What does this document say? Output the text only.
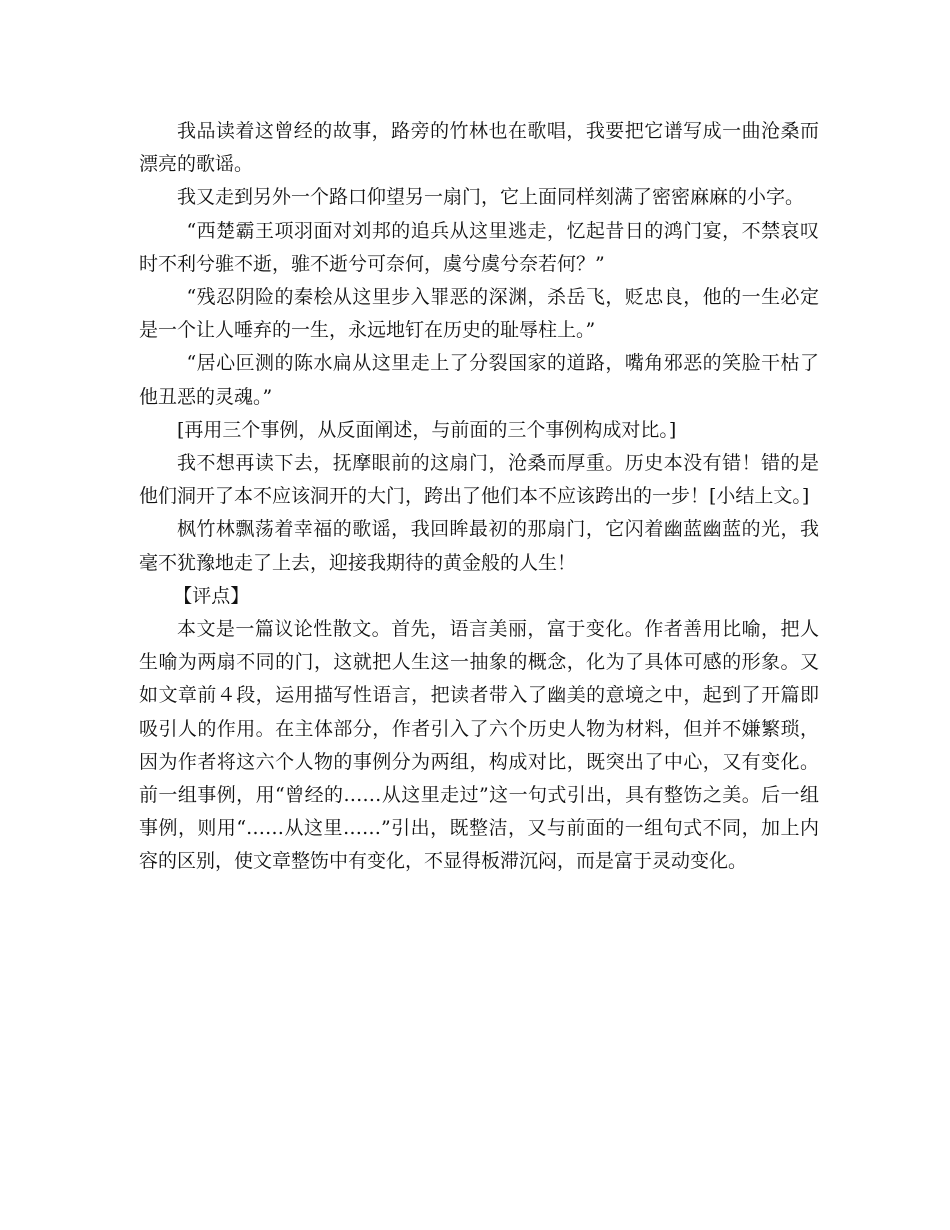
我品读着这曾经的故事，路旁的竹林也在歌唱，我要把它谱写成一曲沧桑而漂亮的歌谣。

我又走到另外一个路口仰望另一扇门，它上面同样刻满了密密麻麻的小字。

“西楚霸王项羽面对刘邦的追兵从这里逃走，忆起昔日的鸿门宴，不禁哀叹时不利兮骓不逝，骓不逝兮可奈何，虞兮虞兮奈若何？”

“残忍阴险的秦桧从这里步入罪恶的深渊，杀岳飞，贬忠良，他的一生必定是一个让人唾弃的一生，永远地钉在历史的耻辱柱上。”

“居心叵测的陈水扁从这里走上了分裂国家的道路，嘴角邪恶的笑脸干枯了他丑恶的灵魂。”

[再用三个事例，从反面阐述，与前面的三个事例构成对比。]

我不想再读下去，抚摩眼前的这扇门，沧桑而厚重。历史本没有错！错的是他们洞开了本不应该洞开的大门，跨出了他们本不应该跨出的一步！[小结上文。]

枫竹林飘荡着幸福的歌谣，我回眸最初的那扇门，它闪着幽蓝幽蓝的光，我毫不犹豫地走了上去，迎接我期待的黄金般的人生！

【评点】

本文是一篇议论性散文。首先，语言美丽，富于变化。作者善用比喻，把人生喻为两扇不同的门，这就把人生这一抽象的概念，化为了具体可感的形象。又如文章前４段，运用描写性语言，把读者带入了幽美的意境之中，起到了开篇即吸引人的作用。在主体部分，作者引入了六个历史人物为材料，但并不嫌繁琐，因为作者将这六个人物的事例分为两组，构成对比，既突出了中心，又有变化。前一组事例，用“曾经的……从这里走过”这一句式引出，具有整饬之美。后一组事例，则用“……从这里……”引出，既整洁，又与前面的一组句式不同，加上内容的区别，使文章整饬中有变化，不显得板滞沉闷，而是富于灵动变化。
